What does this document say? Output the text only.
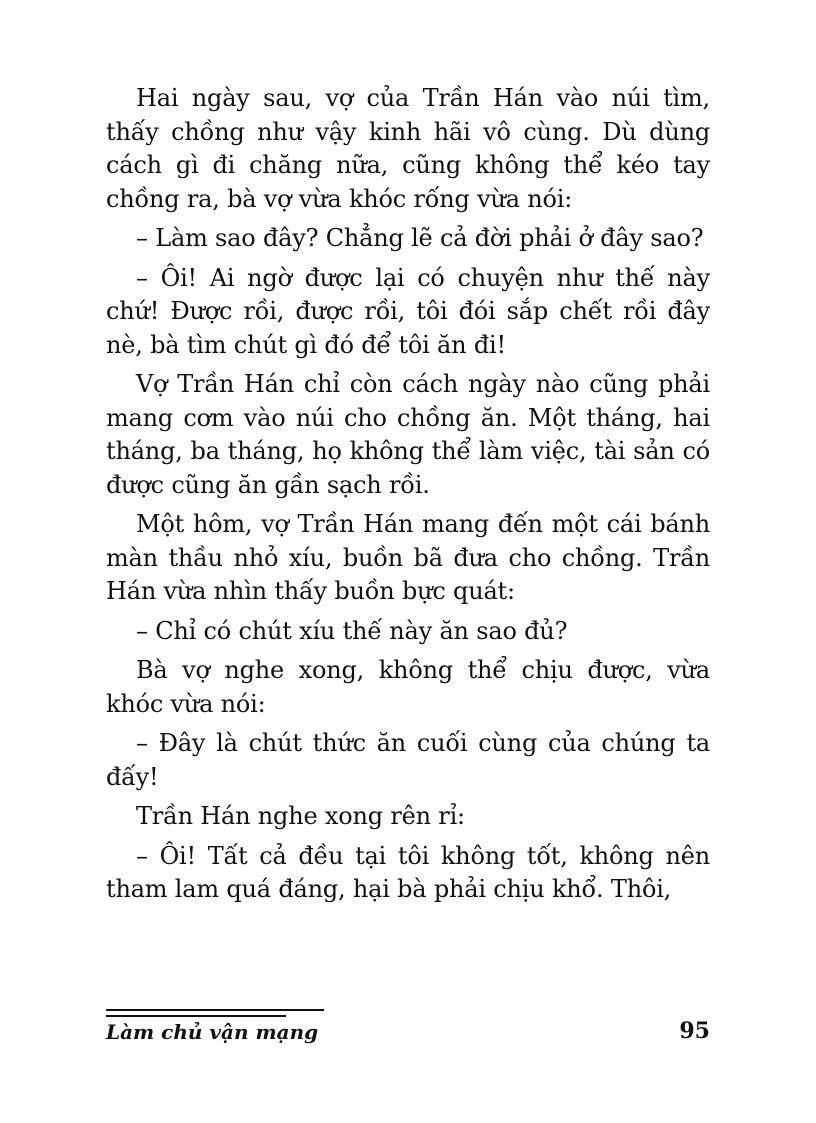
Hai ngày sau, vợ của Trần Hán vào núi tìm, thấy chồng như vậy kinh hãi vô cùng. Dù dùng cách gì đi chăng nữa, cũng không thể kéo tay chồng ra, bà vợ vừa khóc rống vừa nói:

– Làm sao đây? Chẳng lẽ cả đời phải ở đây sao?

– Ôi! Ai ngờ được lại có chuyện như thế này chứ! Được rồi, được rồi, tôi đói sắp chết rồi đây nè, bà tìm chút gì đó để tôi ăn đi!

Vợ Trần Hán chỉ còn cách ngày nào cũng phải mang cơm vào núi cho chồng ăn. Một tháng, hai tháng, ba tháng, họ không thể làm việc, tài sản có được cũng ăn gần sạch rồi.

Một hôm, vợ Trần Hán mang đến một cái bánh màn thầu nhỏ xíu, buồn bã đưa cho chồng. Trần Hán vừa nhìn thấy buồn bực quát:

– Chỉ có chút xíu thế này ăn sao đủ?

Bà vợ nghe xong, không thể chịu được, vừa khóc vừa nói:

– Đây là chút thức ăn cuối cùng của chúng ta đấy!

Trần Hán nghe xong rên rỉ:

– Ôi! Tất cả đều tại tôi không tốt, không nên tham lam quá đáng, hại bà phải chịu khổ. Thôi,

Làm chủ vận mạng	95
